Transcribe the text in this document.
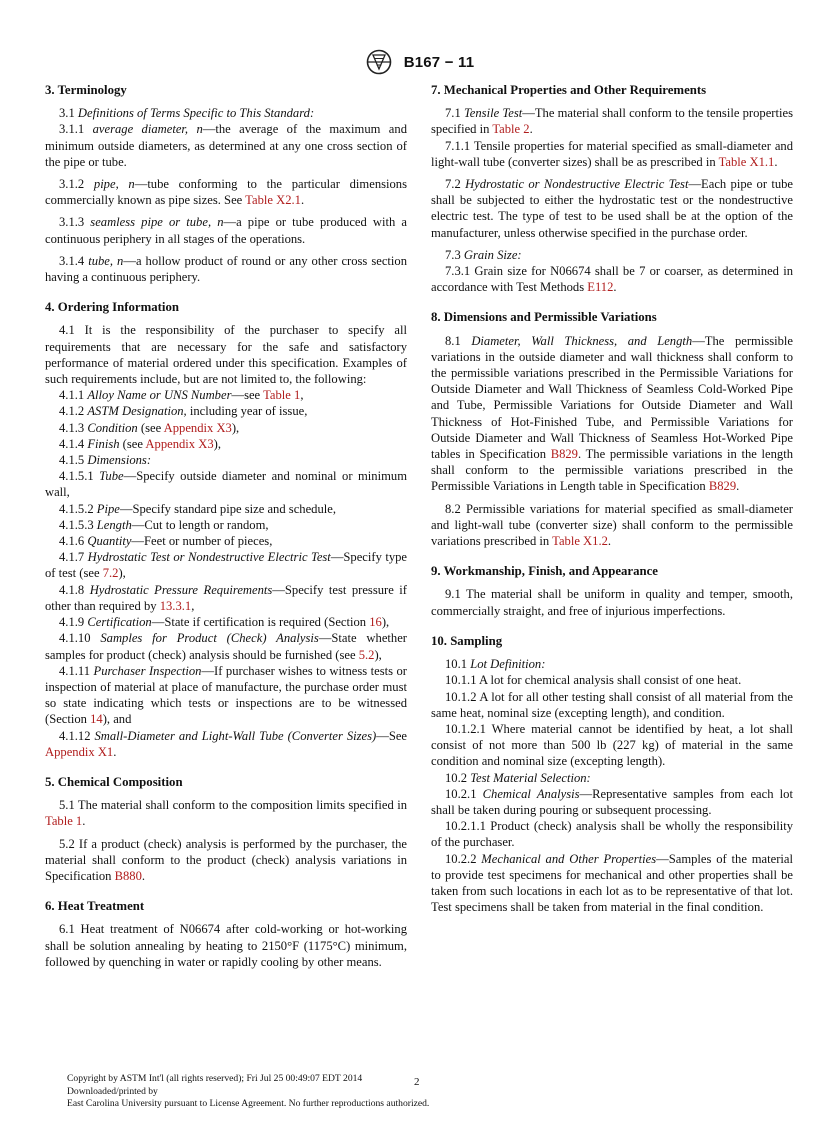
B167 − 11
3. Terminology

3.1 Definitions of Terms Specific to This Standard:

3.1.1 average diameter, n—the average of the maximum and minimum outside diameters, as determined at any one cross section of the pipe or tube.

3.1.2 pipe, n—tube conforming to the particular dimensions commercially known as pipe sizes. See Table X2.1.

3.1.3 seamless pipe or tube, n—a pipe or tube produced with a continuous periphery in all stages of the operations.

3.1.4 tube, n—a hollow product of round or any other cross section having a continuous periphery.

4. Ordering Information

4.1 It is the responsibility of the purchaser to specify all requirements that are necessary for the safe and satisfactory performance of material ordered under this specification. Examples of such requirements include, but are not limited to, the following:

4.1.1 Alloy Name or UNS Number—see Table 1,

4.1.2 ASTM Designation, including year of issue,

4.1.3 Condition (see Appendix X3),

4.1.4 Finish (see Appendix X3),

4.1.5 Dimensions:

4.1.5.1 Tube—Specify outside diameter and nominal or minimum wall,

4.1.5.2 Pipe—Specify standard pipe size and schedule,

4.1.5.3 Length—Cut to length or random,

4.1.6 Quantity—Feet or number of pieces,

4.1.7 Hydrostatic Test or Nondestructive Electric Test—Specify type of test (see 7.2),

4.1.8 Hydrostatic Pressure Requirements—Specify test pressure if other than required by 13.3.1,

4.1.9 Certification—State if certification is required (Section 16),

4.1.10 Samples for Product (Check) Analysis—State whether samples for product (check) analysis should be furnished (see 5.2),

4.1.11 Purchaser Inspection—If purchaser wishes to witness tests or inspection of material at place of manufacture, the purchase order must so state indicating which tests or inspections are to be witnessed (Section 14), and

4.1.12 Small-Diameter and Light-Wall Tube (Converter Sizes)—See Appendix X1.

5. Chemical Composition

5.1 The material shall conform to the composition limits specified in Table 1.

5.2 If a product (check) analysis is performed by the purchaser, the material shall conform to the product (check) analysis variations in Specification B880.

6. Heat Treatment

6.1 Heat treatment of N06674 after cold-working or hot-working shall be solution annealing by heating to 2150°F (1175°C) minimum, followed by quenching in water or rapidly cooling by other means.

7. Mechanical Properties and Other Requirements

7.1 Tensile Test—The material shall conform to the tensile properties specified in Table 2.

7.1.1 Tensile properties for material specified as small-diameter and light-wall tube (converter sizes) shall be as prescribed in Table X1.1.

7.2 Hydrostatic or Nondestructive Electric Test—Each pipe or tube shall be subjected to either the hydrostatic test or the nondestructive electric test. The type of test to be used shall be at the option of the manufacturer, unless otherwise specified in the purchase order.

7.3 Grain Size:

7.3.1 Grain size for N06674 shall be 7 or coarser, as determined in accordance with Test Methods E112.

8. Dimensions and Permissible Variations

8.1 Diameter, Wall Thickness, and Length—The permissible variations in the outside diameter and wall thickness shall conform to the permissible variations prescribed in the Permissible Variations for Outside Diameter and Wall Thickness of Seamless Cold-Worked Pipe and Tube, Permissible Variations for Outside Diameter and Wall Thickness of Hot-Finished Tube, and Permissible Variations for Outside Diameter and Wall Thickness of Seamless Hot-Worked Pipe tables in Specification B829. The permissible variations in the length shall conform to the permissible variations prescribed in the Permissible Variations in Length table in Specification B829.

8.2 Permissible variations for material specified as small-diameter and light-wall tube (converter size) shall conform to the permissible variations prescribed in Table X1.2.

9. Workmanship, Finish, and Appearance

9.1 The material shall be uniform in quality and temper, smooth, commercially straight, and free of injurious imperfections.

10. Sampling

10.1 Lot Definition:

10.1.1 A lot for chemical analysis shall consist of one heat.

10.1.2 A lot for all other testing shall consist of all material from the same heat, nominal size (excepting length), and condition.

10.1.2.1 Where material cannot be identified by heat, a lot shall consist of not more than 500 lb (227 kg) of material in the same condition and nominal size (excepting length).

10.2 Test Material Selection:

10.2.1 Chemical Analysis—Representative samples from each lot shall be taken during pouring or subsequent processing.

10.2.1.1 Product (check) analysis shall be wholly the responsibility of the purchaser.

10.2.2 Mechanical and Other Properties—Samples of the material to provide test specimens for mechanical and other properties shall be taken from such locations in each lot as to be representative of that lot. Test specimens shall be taken from material in the final condition.

Copyright by ASTM Int'l (all rights reserved); Fri Jul 25 00:49:07 EDT 2014
Downloaded/printed by
East Carolina University pursuant to License Agreement. No further reproductions authorized.
2
